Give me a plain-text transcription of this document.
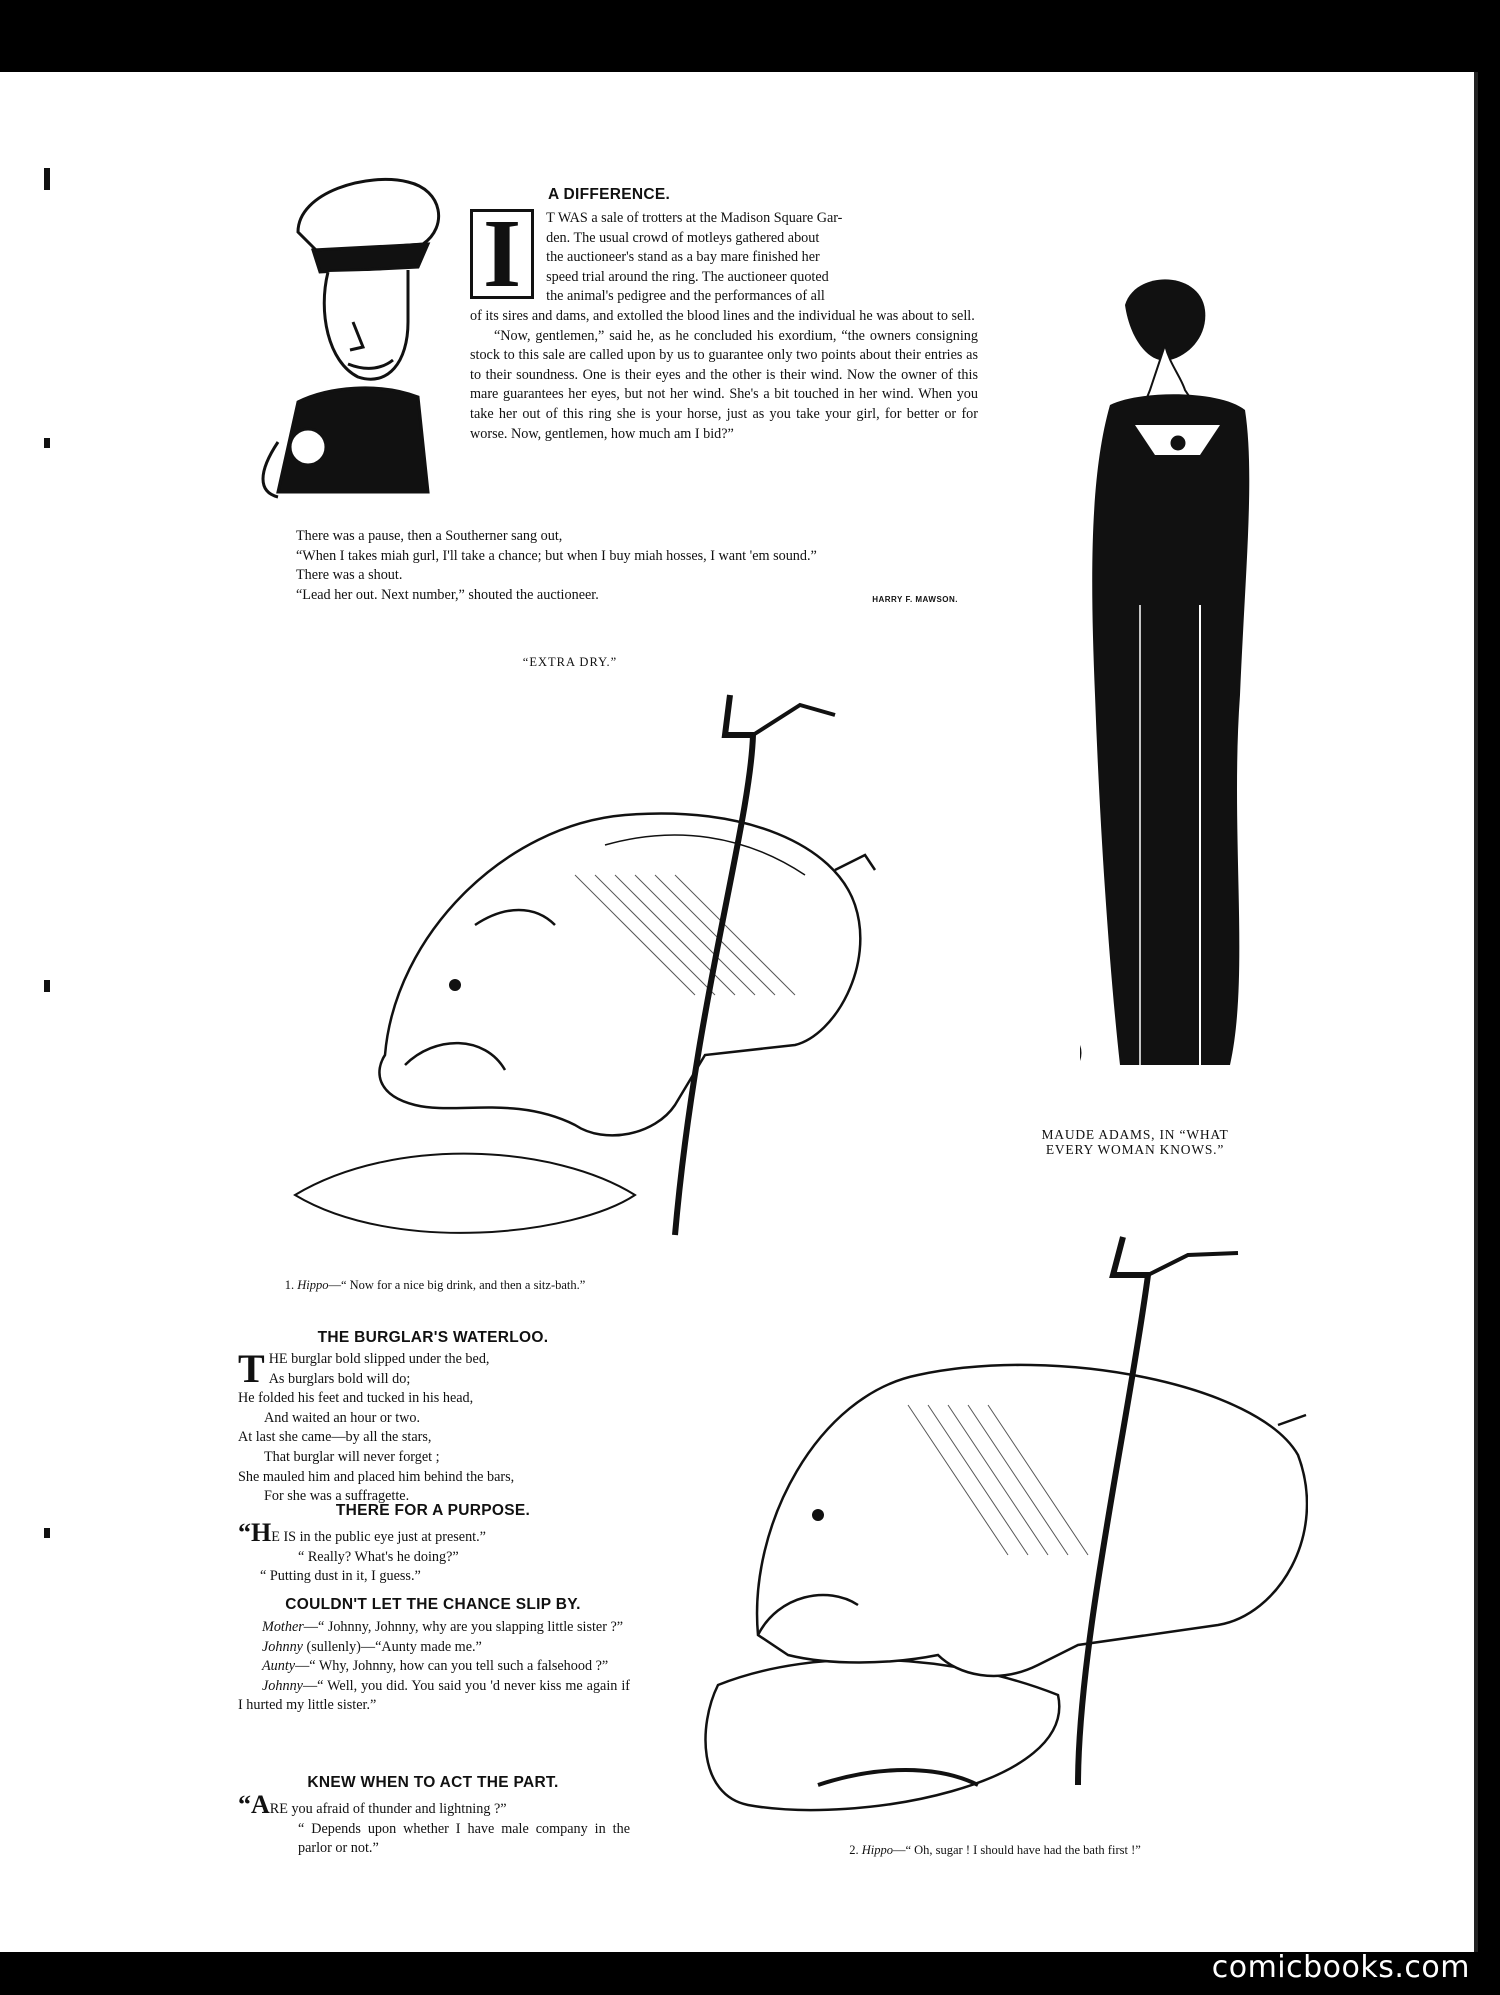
A DIFFERENCE.
I	T WAS a sale of trotters at the Madison Square Gar-

den. The usual crowd of motleys gathered about

the auctioneer's stand as a bay mare finished her

speed trial around the ring. The auctioneer quoted

the animal's pedigree and the performances of all

of its sires and dams, and extolled the blood lines and the individual he was about to sell.

“Now, gentlemen,” said he, as he concluded his exordium, “the owners consigning stock to this sale are called upon by us to guarantee only two points about their entries as to their soundness. One is their eyes and the other is their wind. Now the owner of this mare guarantees her eyes, but not her wind. She's a bit touched in her wind. When you take her out of this ring she is your horse, just as you take your girl, for better or for worse. Now, gentlemen, how much am I bid?”

There was a pause, then a Southerner sang out,

“When I takes miah gurl, I'll take a chance; but when I buy miah hosses, I want 'em sound.”

There was a shout.

“Lead her out. Next number,” shouted the auctioneer.	HARRY F. MAWSON.

“EXTRA DRY.”
1. Hippo—“ Now for a nice big drink, and then a sitz-bath.”
MAUDE ADAMS, IN “WHAT
EVERY WOMAN KNOWS.”
2. Hippo—“ Oh, sugar ! I should have had the bath first !”
THE BURGLAR'S WATERLOO.
T HE burglar bold slipped under the bed,

As burglars bold will do;

He folded his feet and tucked in his head,

And waited an hour or two.

At last she came—by all the stars,

That burglar will never forget ;

She mauled him and placed him behind the bars,

For she was a suffragette.

THERE FOR A PURPOSE.

“HE IS in the public eye just at present.”

“ Really? What's he doing?”

“ Putting dust in it, I guess.”

COULDN'T LET THE CHANCE SLIP BY.

Mother—“ Johnny, Johnny, why are you slapping little sister ?”

Johnny (sullenly)—“Aunty made me.”

Aunty—“ Why, Johnny, how can you tell such a falsehood ?”

Johnny—“ Well, you did. You said you 'd never kiss me again if I hurted my little sister.”

KNEW WHEN TO ACT THE PART.

“ARE you afraid of thunder and lightning ?”

“ Depends upon whether I have male company in the parlor or not.”

comicbooks.com
